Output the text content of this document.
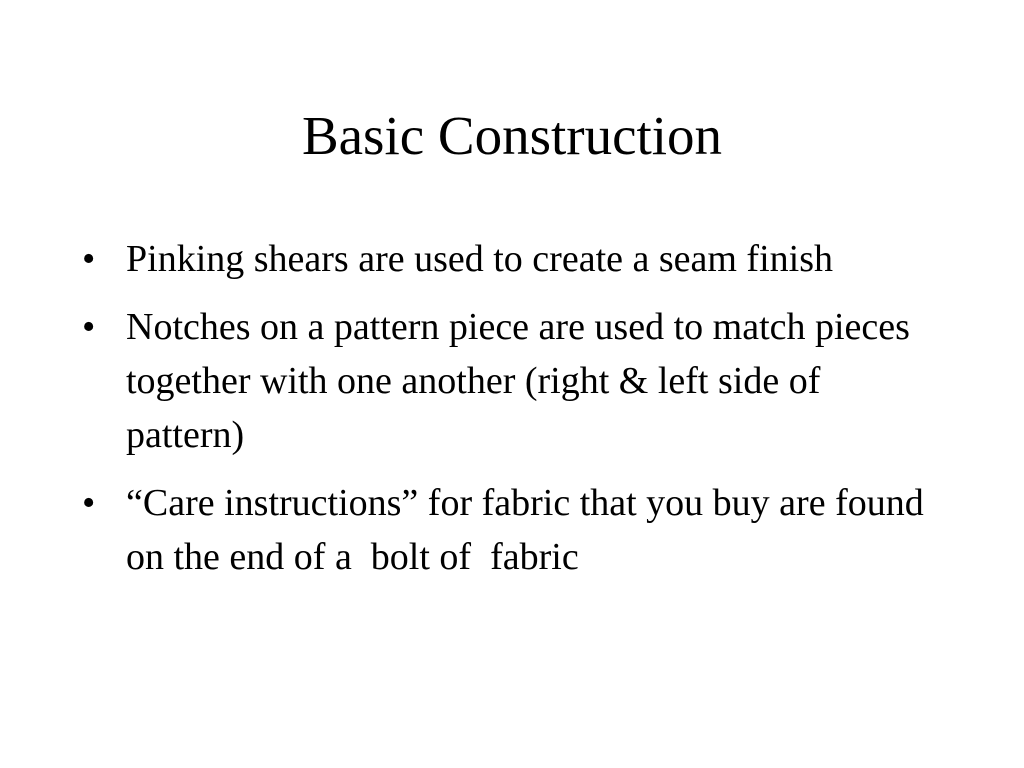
Basic Construction
• Pinking shears are used to create a seam finish
• Notches on a pattern piece are used to match pieces together with one another (right & left side of pattern)
• “Care instructions” for fabric that you buy are found on the end of a  bolt of  fabric
